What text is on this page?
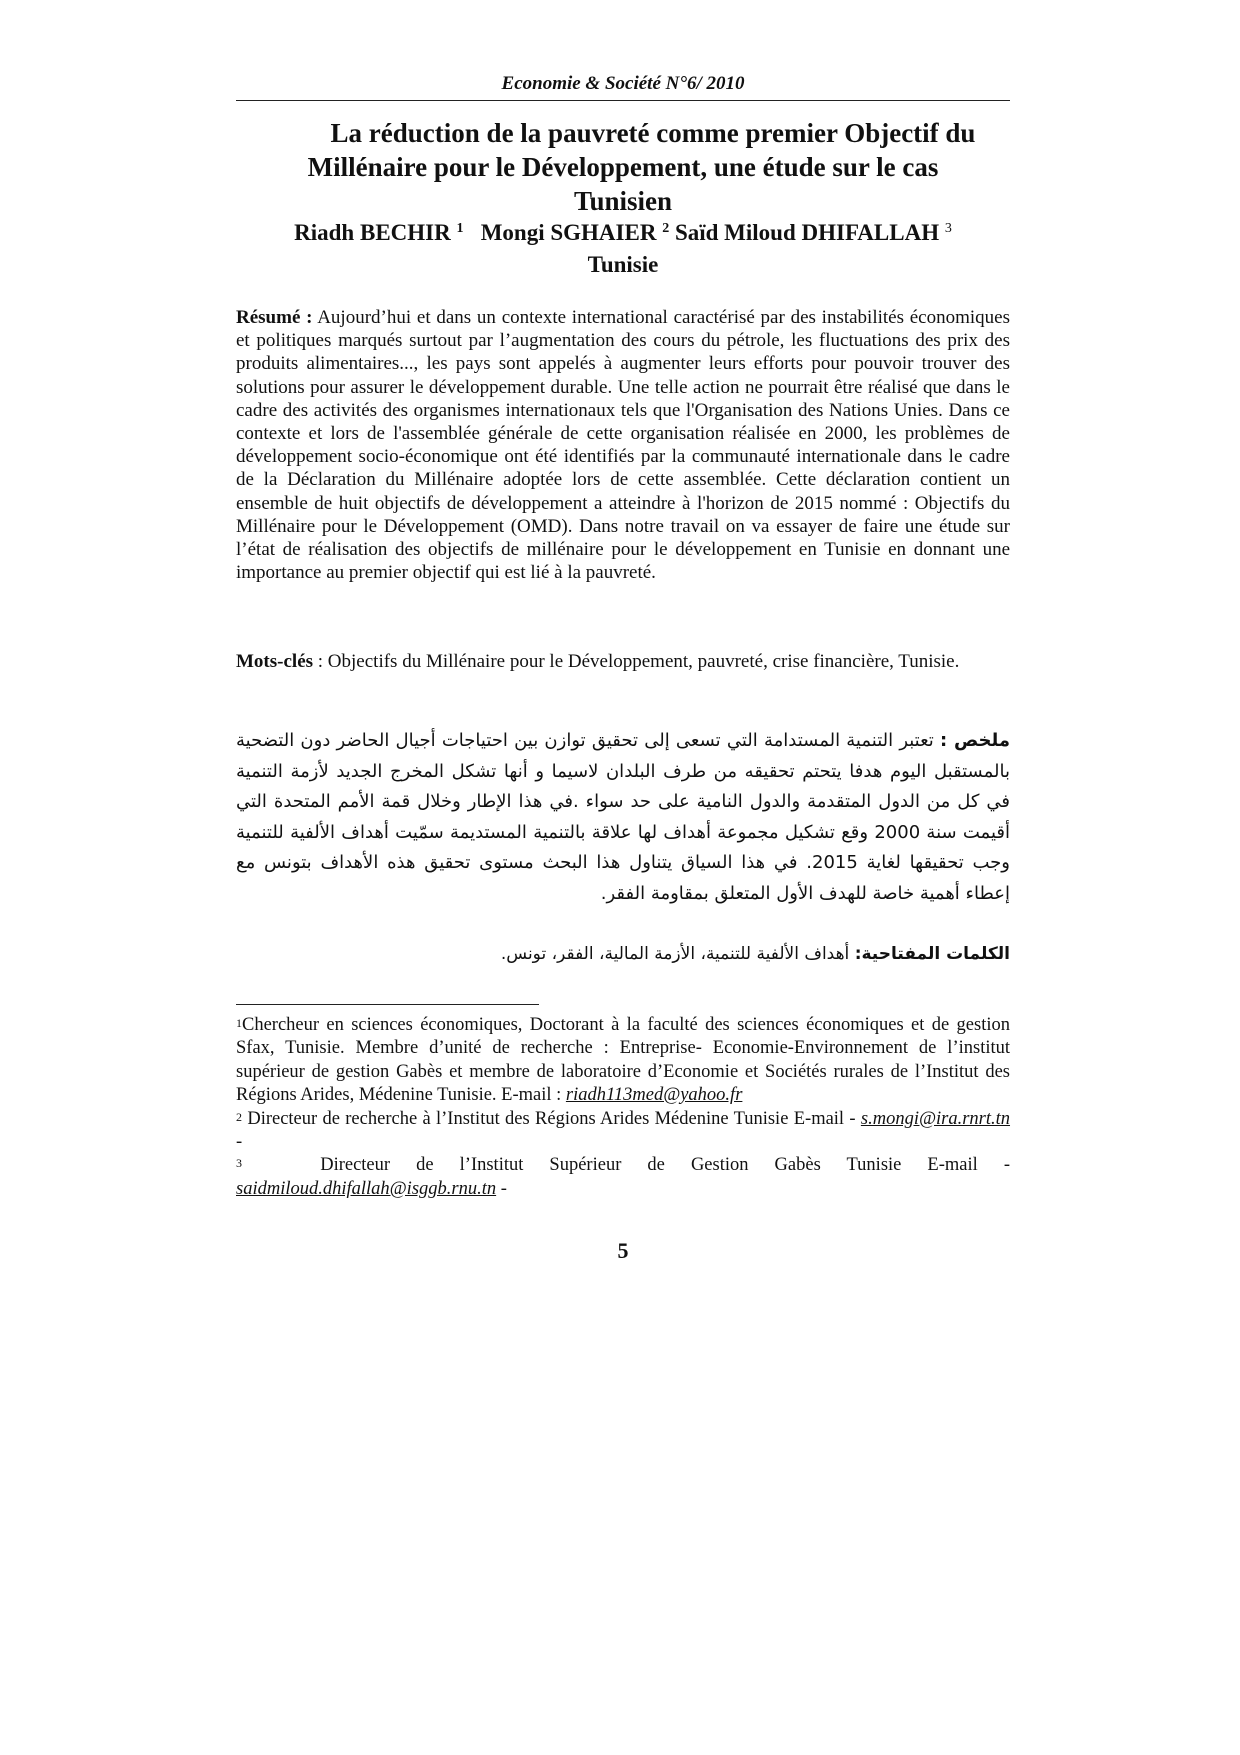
Economie & Société N°6/ 2010
La réduction de la pauvreté comme premier Objectif du
Millénaire pour le Développement, une étude sur le cas
Tunisien
Riadh BECHIR $^1$ Mongi SGHAIER $^2$ Saïd Miloud DHIFALLAH $^3$
Tunisie
Résumé : Aujourd’hui et dans un contexte international caractérisé par des instabilités économiques et politiques marqués surtout par l’augmentation des cours du pétrole, les fluctuations des prix des produits alimentaires..., les pays sont appelés à augmenter leurs efforts pour pouvoir trouver des solutions pour assurer le développement durable. Une telle action ne pourrait être réalisé que dans le cadre des activités des organismes internationaux tels que l'Organisation des Nations Unies. Dans ce contexte et lors de l'assemblée générale de cette organisation réalisée en 2000, les problèmes de développement socio-économique ont été identifiés par la communauté internationale dans le cadre de la Déclaration du Millénaire adoptée lors de cette assemblée. Cette déclaration contient un ensemble de huit objectifs de développement a atteindre à l'horizon de 2015 nommé : Objectifs du Millénaire pour le Développement (OMD). Dans notre travail on va essayer de faire une étude sur l’état de réalisation des objectifs de millénaire pour le développement en Tunisie en donnant une importance au premier objectif qui est lié à la pauvreté.
Mots-clés : Objectifs du Millénaire pour le Développement, pauvreté, crise financière, Tunisie.
ملخص : تعتبر التنمية المستدامة التي تسعى إلى تحقيق توازن بين احتياجات أجيال الحاضر دون التضحية بالمستقبل اليوم هدفا يتحتم تحقيقه من طرف البلدان لاسيما و أنها تشكل المخرج الجديد لأزمة التنمية في كل من الدول المتقدمة والدول النامية على حد سواء .في هذا الإطار وخلال قمة الأمم المتحدة التي أقيمت سنة 2000 وقع تشكيل مجموعة أهداف لها علاقة بالتنمية المستديمة سمّيت أهداف الألفية للتنمية وجب تحقيقها لغاية 2015. في هذا السياق يتناول هذا البحث مستوى تحقيق هذه الأهداف بتونس مع إعطاء أهمية خاصة للهدف الأول المتعلق بمقاومة الفقر.
الكلمات المفتاحية: أهداف الألفية للتنمية، الأزمة المالية، الفقر، تونس.

$^1$Chercheur en sciences économiques, Doctorant à la faculté des sciences économiques et de gestion Sfax, Tunisie. Membre d’unité de recherche : Entreprise- Economie-Environnement de l’institut supérieur de gestion Gabès et membre de laboratoire d’Economie et Sociétés rurales de l’Institut des Régions Arides, Médenine Tunisie. E-mail : riadh113med@yahoo.fr

$^2$ Directeur de recherche à l’Institut des Régions Arides Médenine Tunisie E-mail - s.mongi@ira.rnrt.tn -

$^3$	Directeur de l’Institut Supérieur de Gestion Gabès Tunisie E-mail - saidmiloud.dhifallah@isggb.rnu.tn -

5
